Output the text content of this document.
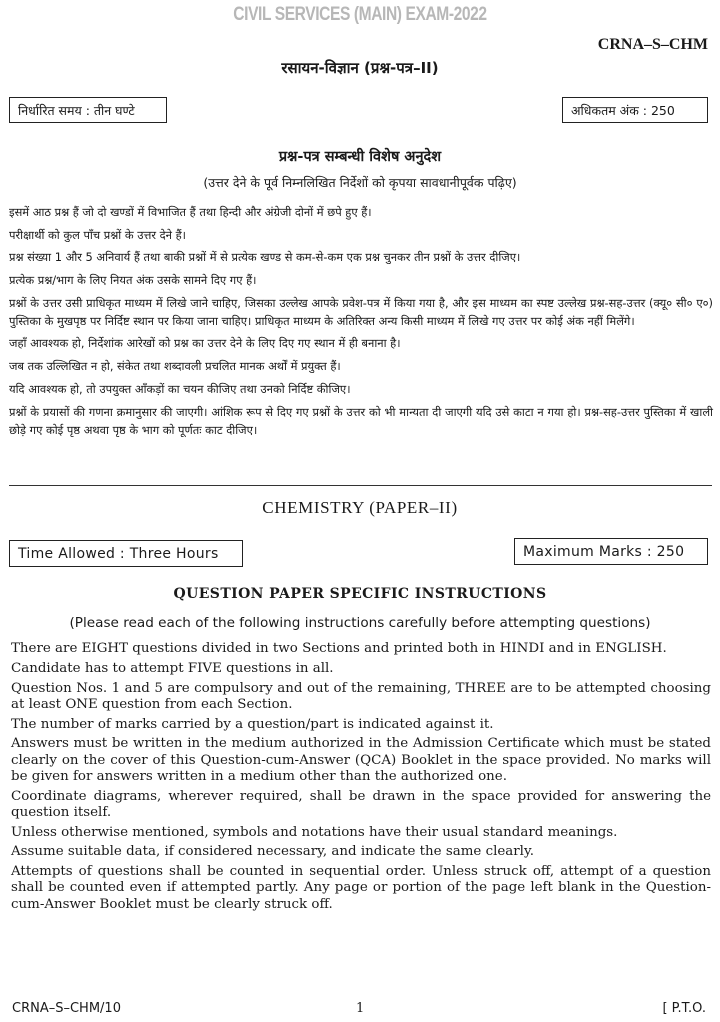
CIVIL SERVICES (MAIN) EXAM-2022
CRNA–S–CHM
रसायन-विज्ञान (प्रश्न-पत्र–II)
निर्धारित समय : तीन घण्टे	अधिकतम अंक : 250
प्रश्न-पत्र सम्बन्धी विशेष अनुदेश
(उत्तर देने के पूर्व निम्नलिखित निर्देशों को कृपया सावधानीपूर्वक पढ़िए)

इसमें आठ प्रश्न हैं जो दो खण्डों में विभाजित हैं तथा हिन्दी और अंग्रेजी दोनों में छपे हुए हैं।

परीक्षार्थी को कुल पाँच प्रश्नों के उत्तर देने हैं।

प्रश्न संख्या 1 और 5 अनिवार्य हैं तथा बाकी प्रश्नों में से प्रत्येक खण्ड से कम-से-कम एक प्रश्न चुनकर तीन प्रश्नों के उत्तर दीजिए।

प्रत्येक प्रश्न/भाग के लिए नियत अंक उसके सामने दिए गए हैं।

प्रश्नों के उत्तर उसी प्राधिकृत माध्यम में लिखे जाने चाहिए, जिसका उल्लेख आपके प्रवेश-पत्र में किया गया है, और इस माध्यम का स्पष्ट उल्लेख प्रश्न-सह-उत्तर (क्यू० सी० ए०) पुस्तिका के मुखपृष्ठ पर निर्दिष्ट स्थान पर किया जाना चाहिए। प्राधिकृत माध्यम के अतिरिक्त अन्य किसी माध्यम में लिखे गए उत्तर पर कोई अंक नहीं मिलेंगे।

जहाँ आवश्यक हो, निर्देशांक आरेखों को प्रश्न का उत्तर देने के लिए दिए गए स्थान में ही बनाना है।

जब तक उल्लिखित न हो, संकेत तथा शब्दावली प्रचलित मानक अर्थों में प्रयुक्त हैं।

यदि आवश्यक हो, तो उपयुक्त आँकड़ों का चयन कीजिए तथा उनको निर्दिष्ट कीजिए।

प्रश्नों के प्रयासों की गणना क्रमानुसार की जाएगी। आंशिक रूप से दिए गए प्रश्नों के उत्तर को भी मान्यता दी जाएगी यदि उसे काटा न गया हो। प्रश्न-सह-उत्तर पुस्तिका में खाली छोड़े गए कोई पृष्ठ अथवा पृष्ठ के भाग को पूर्णतः काट दीजिए।

CHEMISTRY (PAPER–II)
Time Allowed : Three Hours	Maximum Marks : 250
QUESTION PAPER SPECIFIC INSTRUCTIONS
(Please read each of the following instructions carefully before attempting questions)

There are EIGHT questions divided in two Sections and printed both in HINDI and in ENGLISH.

Candidate has to attempt FIVE questions in all.

Question Nos. 1 and 5 are compulsory and out of the remaining, THREE are to be attempted choosing at least ONE question from each Section.

The number of marks carried by a question/part is indicated against it.

Answers must be written in the medium authorized in the Admission Certificate which must be stated clearly on the cover of this Question-cum-Answer (QCA) Booklet in the space provided. No marks will be given for answers written in a medium other than the authorized one.

Coordinate diagrams, wherever required, shall be drawn in the space provided for answering the question itself.

Unless otherwise mentioned, symbols and notations have their usual standard meanings.

Assume suitable data, if considered necessary, and indicate the same clearly.

Attempts of questions shall be counted in sequential order. Unless struck off, attempt of a question shall be counted even if attempted partly. Any page or portion of the page left blank in the Question-cum-Answer Booklet must be clearly struck off.

CRNA–S–CHM/10	1	[ P.T.O.
